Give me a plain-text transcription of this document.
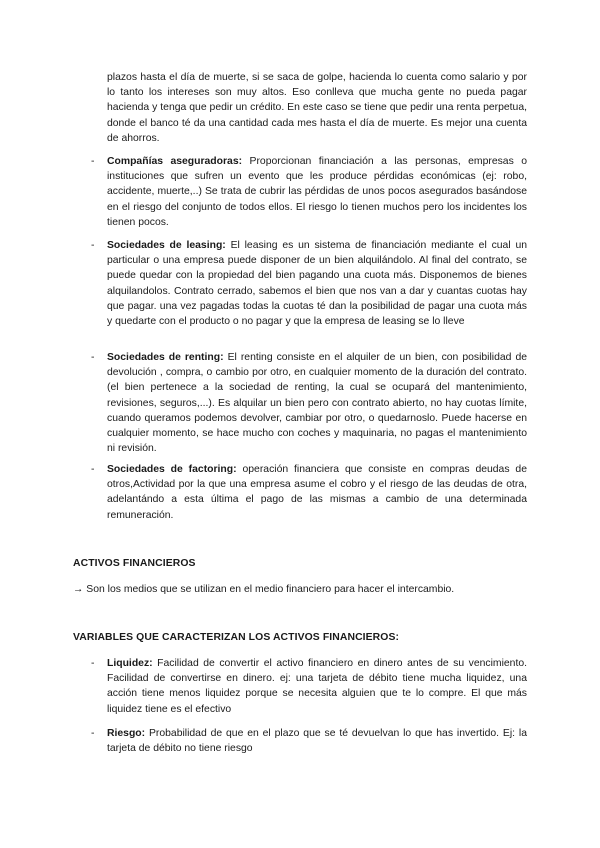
plazos hasta el día de muerte, si se saca de golpe, hacienda lo cuenta como salario y por lo tanto los intereses son muy altos. Eso conlleva que mucha gente no pueda pagar hacienda y tenga que pedir un crédito. En este caso se tiene que pedir una renta perpetua, donde el banco té da una cantidad cada mes hasta el día de muerte. Es mejor una cuenta de ahorros.

- Compañías aseguradoras: Proporcionan financiación a las personas, empresas o instituciones que sufren un evento que les produce pérdidas económicas (ej: robo, accidente, muerte,..) Se trata de cubrir las pérdidas de unos pocos asegurados basándose en el riesgo del conjunto de todos ellos. El riesgo lo tienen muchos pero los incidentes los tienen pocos.
- Sociedades de leasing: El leasing es un sistema de financiación mediante el cual un particular o una empresa puede disponer de un bien alquilándolo. Al final del contrato, se puede quedar con la propiedad del bien pagando una cuota más. Disponemos de bienes alquilandolos. Contrato cerrado, sabemos el bien que nos van a dar y cuantas cuotas hay que pagar. una vez pagadas todas la cuotas té dan la posibilidad de pagar una cuota más y quedarte con el producto o no pagar y que la empresa de leasing se lo lleve
- Sociedades de renting: El renting consiste en el alquiler de un bien, con posibilidad de devolución , compra, o cambio por otro, en cualquier momento de la duración del contrato. (el bien pertenece a la sociedad de renting, la cual se ocupará del mantenimiento, revisiones, seguros,...). Es alquilar un bien pero con contrato abierto, no hay cuotas límite, cuando queramos podemos devolver, cambiar por otro, o quedarnoslo. Puede hacerse en cualquier momento, se hace mucho con coches y maquinaria, no pagas el mantenimiento ni revisión.
- Sociedades de factoring: operación financiera que consiste en compras deudas de otros,Actividad por la que una empresa asume el cobro y el riesgo de las deudas de otra, adelantándo a esta última el pago de las mismas a cambio de una determinada remuneración.
ACTIVOS FINANCIEROS
→ Son los medios que se utilizan en el medio financiero para hacer el intercambio.
VARIABLES QUE CARACTERIZAN LOS ACTIVOS FINANCIEROS:
- Liquidez: Facilidad de convertir el activo financiero en dinero antes de su vencimiento. Facilidad de convertirse en dinero. ej: una tarjeta de débito tiene mucha liquidez, una acción tiene menos liquidez porque se necesita alguien que te lo compre. El que más liquidez tiene es el efectivo
- Riesgo: Probabilidad de que en el plazo que se té devuelvan lo que has invertido. Ej: la tarjeta de débito no tiene riesgo
